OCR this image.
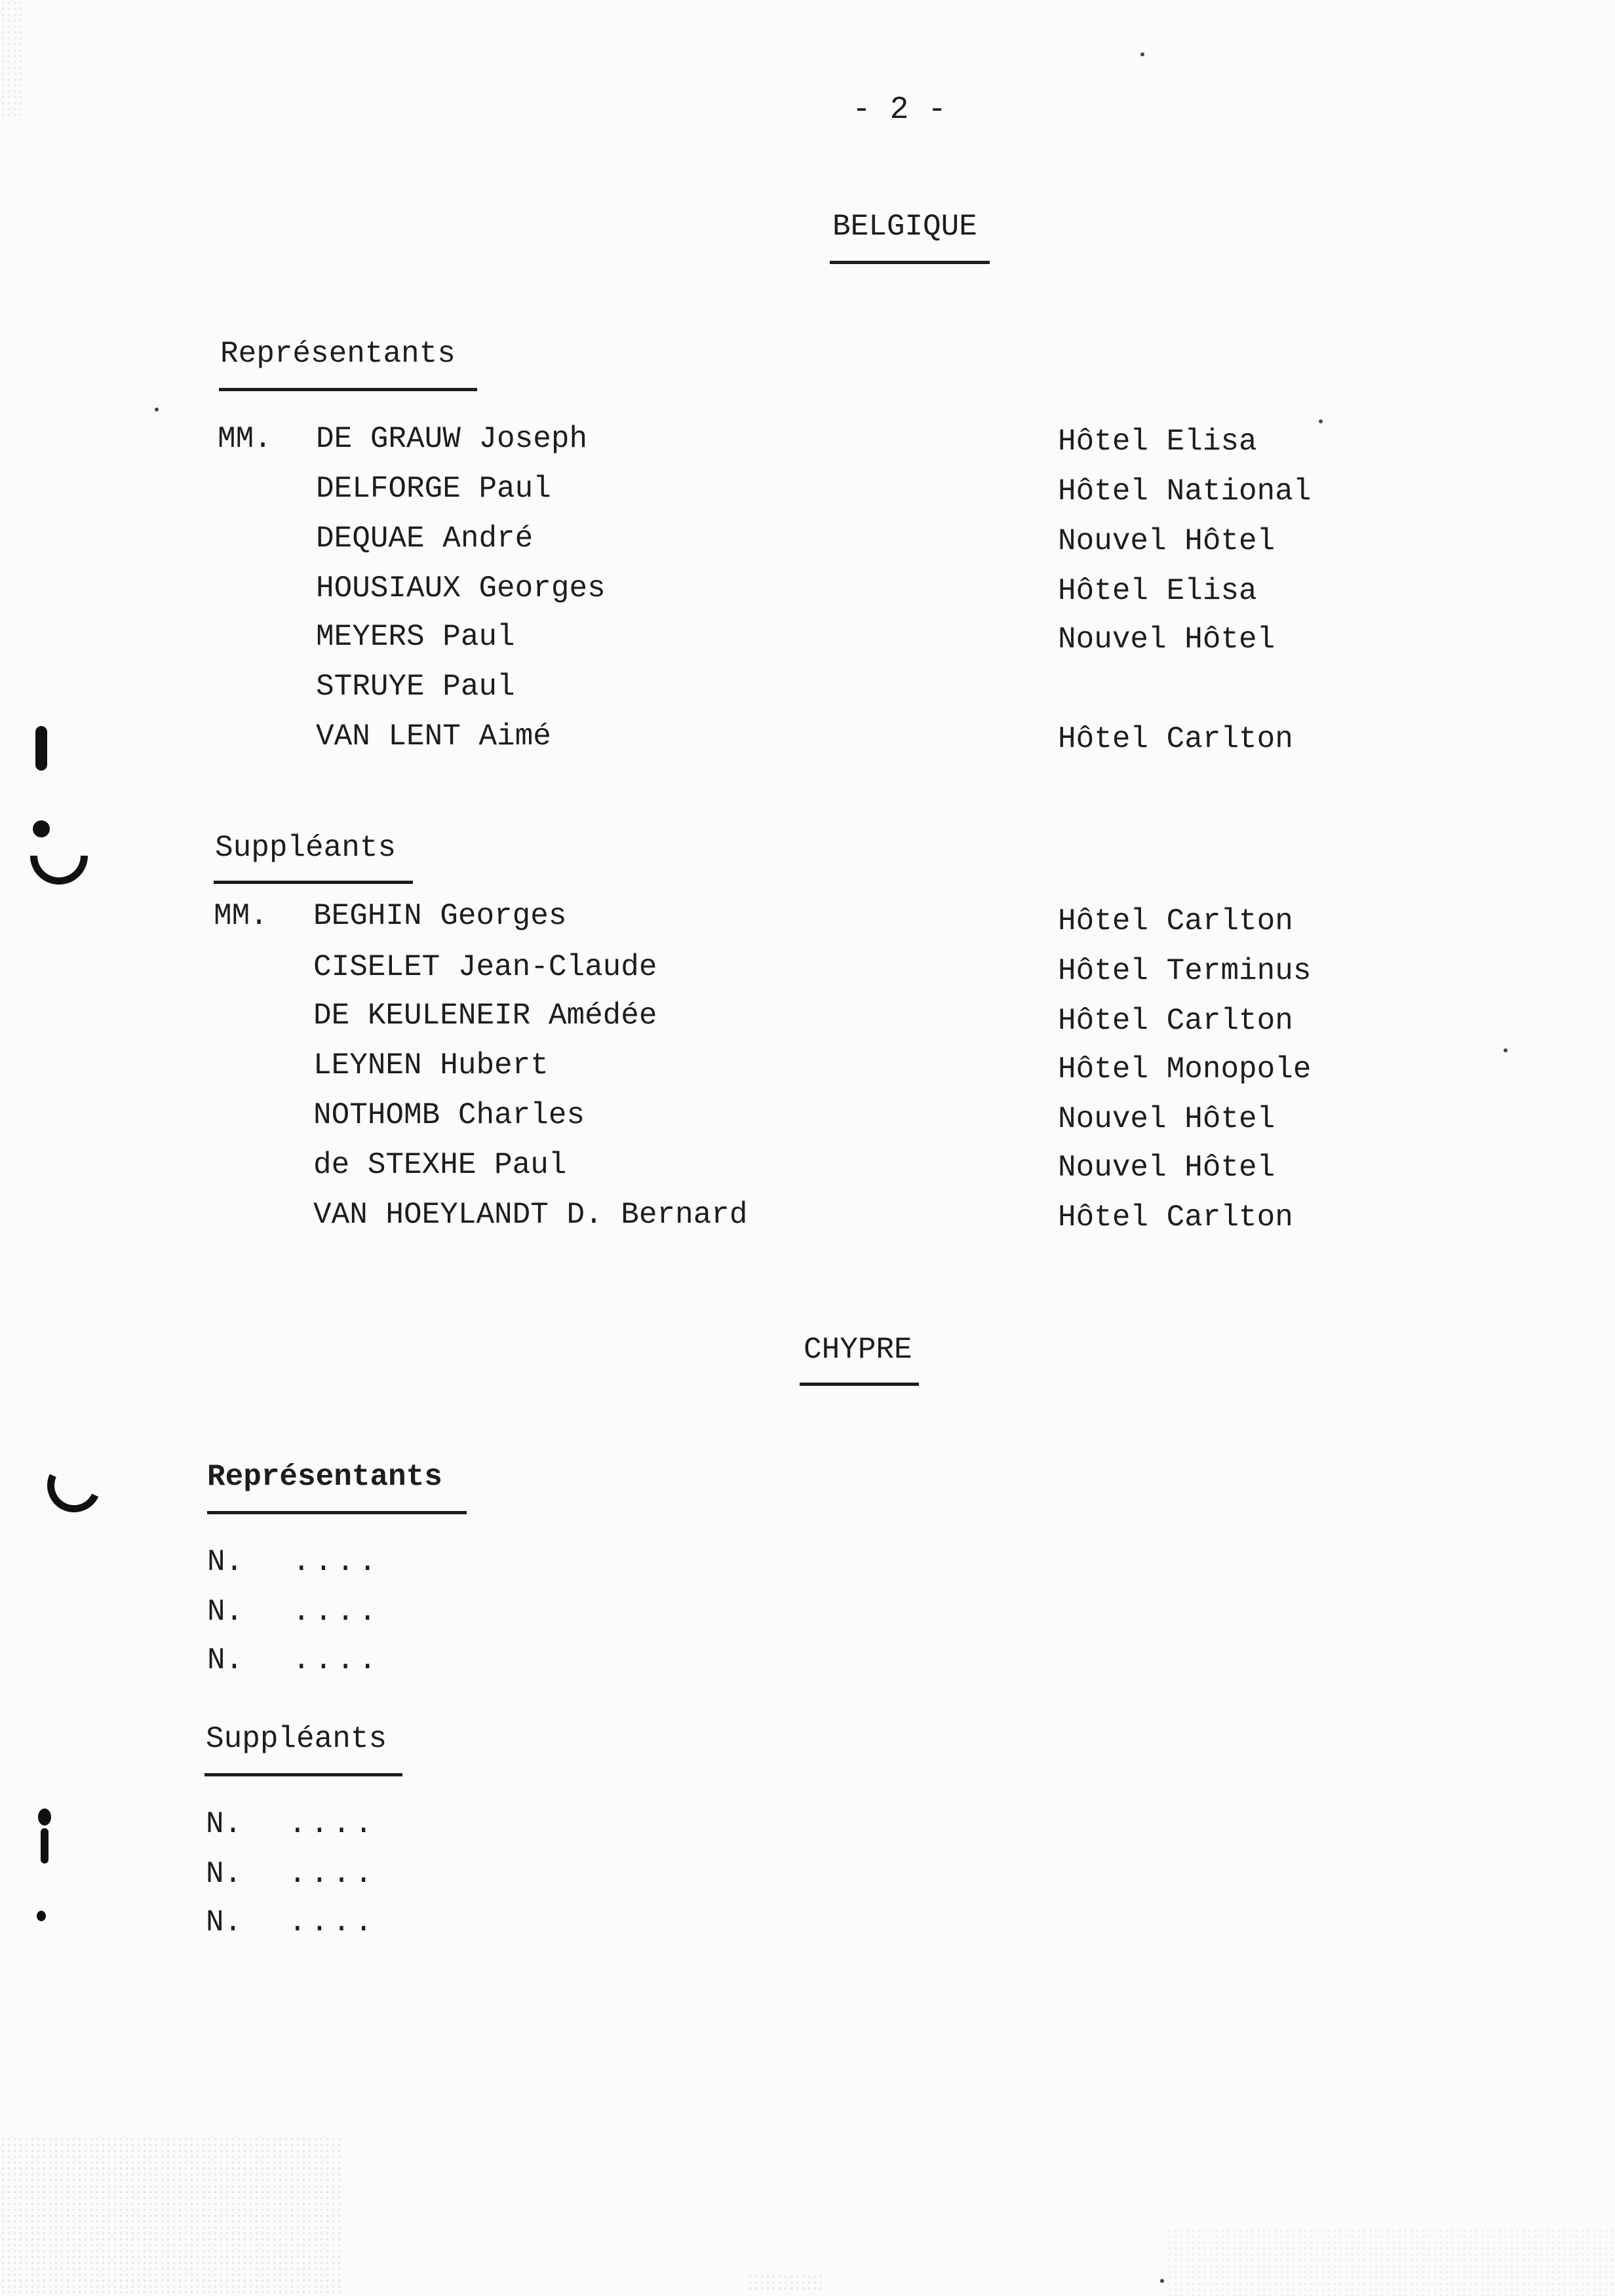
- 2 -
BELGIQUE
Représentants
MM. DE GRAUW Joseph	Hôtel Elisa
DELFORGE Paul	Hôtel National
DEQUAE André	Nouvel Hôtel
HOUSIAUX Georges	Hôtel Elisa
MEYERS Paul	Nouvel Hôtel
STRUYE Paul
VAN LENT Aimé	Hôtel Carlton
Suppléants
MM. BEGHIN Georges	Hôtel Carlton
CISELET Jean-Claude	Hôtel Terminus
DE KEULENEIR Amédée	Hôtel Carlton
LEYNEN Hubert	Hôtel Monopole
NOTHOMB Charles	Nouvel Hôtel
de STEXHE Paul	Nouvel Hôtel
VAN HOEYLANDT D. Bernard	Hôtel Carlton
CHYPRE
Représentants
N. ....
N. ....
N. ....
Suppléants
N. ....
N. ....
N. ....
